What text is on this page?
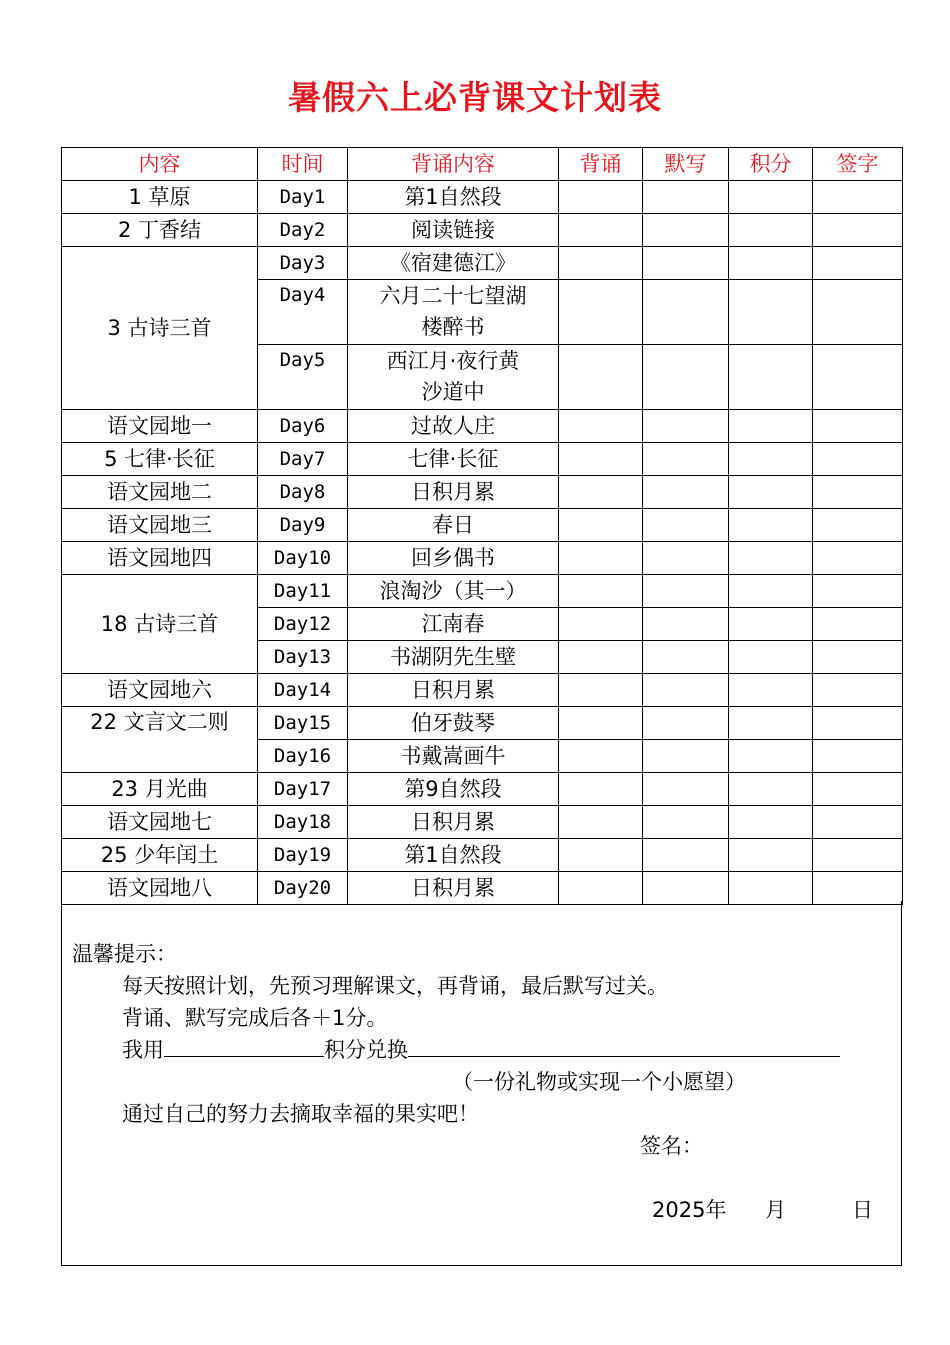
暑假六上必背课文计划表
内容	时间	背诵内容	背诵	默写	积分	签字
1 草原	Day1	第1自然段				
2 丁香结	Day2	阅读链接				
3 古诗三首	Day3	《宿建德江》				
	Day4	六月二十七望湖
楼醉书				

	Day5	西江月·夜行黄
沙道中				

语文园地一	Day6	过故人庄				
5 七律·长征	Day7	七律·长征				
语文园地二	Day8	日积月累				
语文园地三	Day9	春日				
语文园地四	Day10	回乡偶书				
18 古诗三首	Day11	浪淘沙（其一）				
	Day12	江南春				
	Day13	书湖阴先生壁				
语文园地六	Day14	日积月累				
22 文言文二则	Day15	伯牙鼓琴				
	Day16	书戴嵩画牛				
23 月光曲	Day17	第9自然段				
语文园地七	Day18	日积月累				
25 少年闰土	Day19	第1自然段				
语文园地八	Day20	日积月累				
温馨提示：
每天按照计划，先预习理解课文，再背诵，最后默写过关。
背诵、默写完成后各＋1分。
我用	积分兑换
（一份礼物或实现一个小愿望）
通过自己的努力去摘取幸福的果实吧！
签名：
2025年 月	日
